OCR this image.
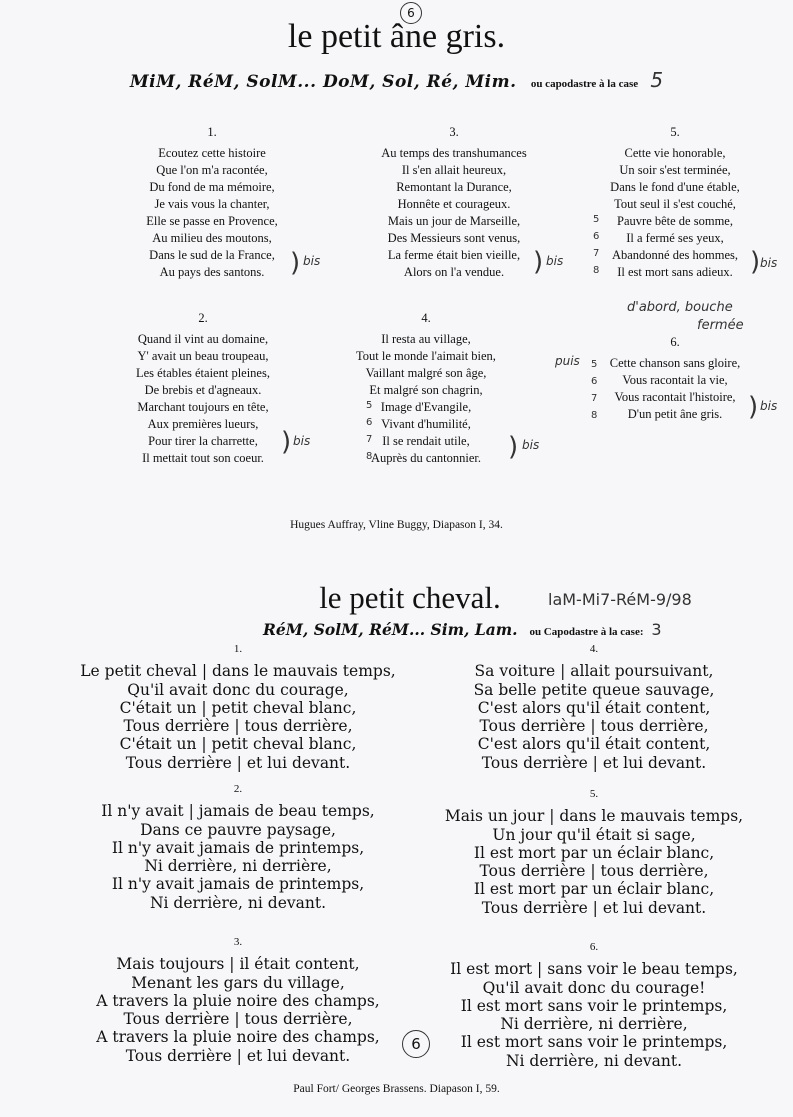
6
le petit âne gris.
MiM, RéM, SolM... DoM, Sol, Ré, Mim. ou capodastre à la case 5
1.
Ecoutez cette histoire
Que l'on m'a racontée,
Du fond de ma mémoire,
Je vais vous la chanter,
Elle se passe en Provence,
Au milieu des moutons,
Dans le sud de la France,
Au pays des santons.
3.
Au temps des transhumances
Il s'en allait heureux,
Remontant la Durance,
Honnête et courageux.
Mais un jour de Marseille,
Des Messieurs sont venus,
La ferme était bien vieille,
Alors on l'a vendue.
5.
Cette vie honorable,
Un soir s'est terminée,
Dans le fond d'une étable,
Tout seul il s'est couché,
Pauvre bête de somme,
Il a fermé ses yeux,
Abandonné des hommes,
Il est mort sans adieux.
2.
Quand il vint au domaine,
Y' avait un beau troupeau,
Les étables étaient pleines,
De brebis et d'agneaux.
Marchant toujours en tête,
Aux premières lueurs,
Pour tirer la charrette,
Il mettait tout son coeur.
4.
Il resta au village,
Tout le monde l'aimait bien,
Vaillant malgré son âge,
Et malgré son chagrin,
Image d'Evangile,
Vivant d'humilité,
Il se rendait utile,
Auprès du cantonnier.
6.
Cette chanson sans gloire,
Vous racontait la vie,
Vous racontait l'histoire,
D'un petit âne gris.
) bis	) bis	) bis
) bis	) bis
) bis
d'abord, bouche
fermée
puis
5
6
7
8
5
6
7
8
5
6
7
8
Hugues Auffray, Vline Buggy, Diapason I, 34.
le petit cheval.	laM-Mi7-RéM-9/98
RéM, SolM, RéM... Sim, Lam. ou Capodastre à la case: 3
1.
Le petit cheval | dans le mauvais temps,
Qu'il avait donc du courage,
C'était un | petit cheval blanc,
Tous derrière | tous derrière,
C'était un | petit cheval blanc,
Tous derrière | et lui devant.
4.
Sa voiture | allait poursuivant,
Sa belle petite queue sauvage,
C'est alors qu'il était content,
Tous derrière | tous derrière,
C'est alors qu'il était content,
Tous derrière | et lui devant.
2.
Il n'y avait | jamais de beau temps,
Dans ce pauvre paysage,
Il n'y avait jamais de printemps,
Ni derrière, ni derrière,
Il n'y avait jamais de printemps,
Ni derrière, ni devant.
5.
Mais un jour | dans le mauvais temps,
Un jour qu'il était si sage,
Il est mort par un éclair blanc,
Tous derrière | tous derrière,
Il est mort par un éclair blanc,
Tous derrière | et lui devant.
3.
Mais toujours | il était content,
Menant les gars du village,
A travers la pluie noire des champs,
Tous derrière | tous derrière,
A travers la pluie noire des champs,
Tous derrière | et lui devant.
6.
Il est mort | sans voir le beau temps,
Qu'il avait donc du courage!
Il est mort sans voir le printemps,
Ni derrière, ni derrière,
Il est mort sans voir le printemps,
Ni derrière, ni devant.
6
Paul Fort/ Georges Brassens. Diapason I, 59.
